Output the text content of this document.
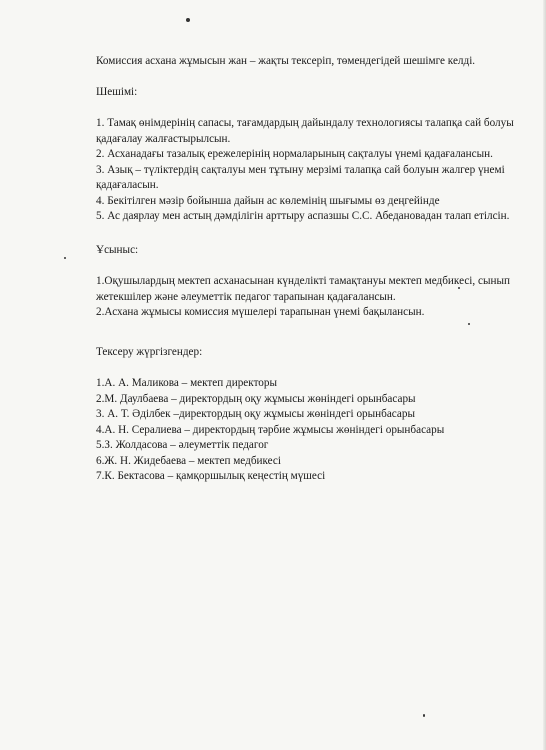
Комиссия асхана жұмысын жан – жақты тексеріп, төмендегідей шешімге келді.

Шешімі:

1. Тамақ өнімдерінің сапасы, тағамдардың дайындалу технологиясы талапқа сай болуы қадағалау жалғастырылсын.

2. Асханадағы тазалық ережелерінің нормаларының сақталуы үнемі қадағалансын.

3. Азық – түліктердің сақталуы мен тұтыну мерзімі талапқа сай болуын жалгер үнемі қадағаласын.

4. Бекітілген мәзір бойынша дайын ас көлемінің шығымы өз деңгейінде

5. Ас даярлау мен астың дәмділігін арттыру аспазшы С.С. Абедановадан талап етілсін.

Ұсыныс:

1.Оқушылардың мектеп асханасынан күнделікті тамақтануы мектеп медбикесі, сынып жетекшілер және әлеуметтік педагог тарапынан қадағалансын.

2.Асхана жұмысы комиссия мүшелері тарапынан үнемі бақылансын.

Тексеру жүргізгендер:

1.А. А. Маликова – мектеп директоры

2.М. Даулбаева – директордың оқу жұмысы жөніндегі орынбасары

3. А. Т. Әділбек –директордың оқу жұмысы жөніндегі орынбасары

4.А. Н. Сералиева – директордың тәрбие жұмысы жөніндегі орынбасары

5.З. Жолдасова – әлеуметтік педагог

6.Ж. Н. Жидебаева – мектеп медбикесі

7.К. Бектасова – қамқоршылық кеңестің мүшесі
